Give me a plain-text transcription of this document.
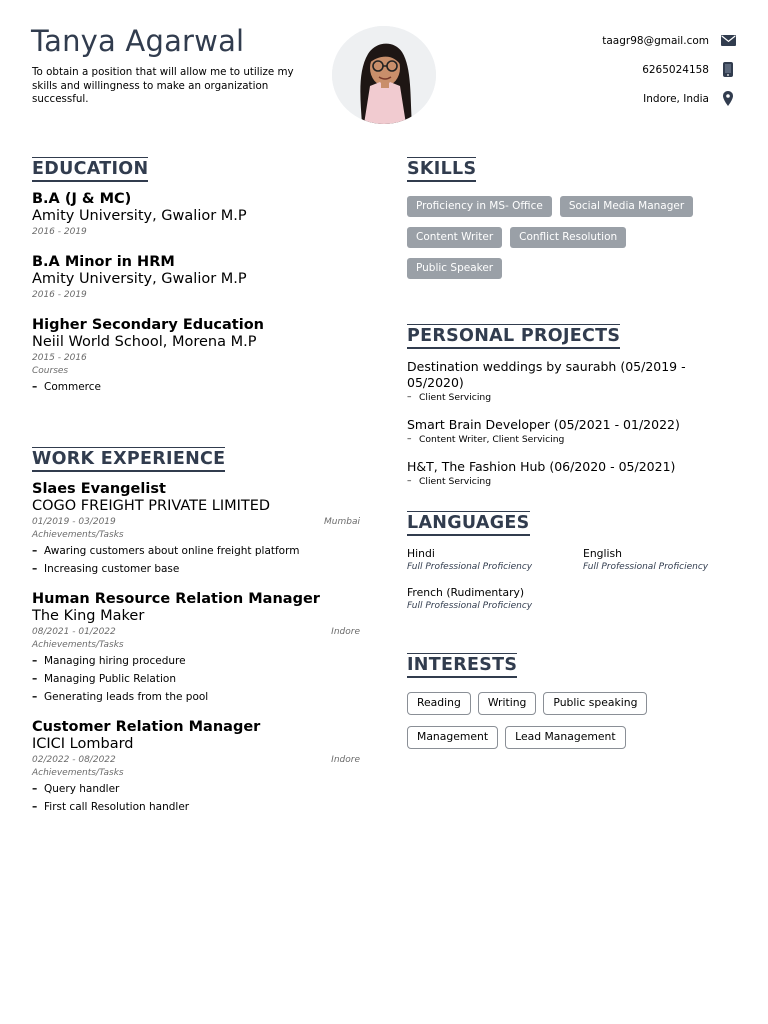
Tanya Agarwal
To obtain a position that will allow me to utilize my skills and willingness to make an organization successful.
taagr98@gmail.com
6265024158
Indore, India
EDUCATION
B.A (J & MC)
Amity University, Gwalior M.P
2016 - 2019
B.A Minor in HRM
Amity University, Gwalior M.P
2016 - 2019
Higher Secondary Education
Neiil World School, Morena M.P
2015 - 2016
Courses
– Commerce
WORK EXPERIENCE
Slaes Evangelist
COGO FREIGHT PRIVATE LIMITED
01/2019 - 03/2019	Mumbai
Achievements/Tasks
– Awaring customers about online freight platform
– Increasing customer base
Human Resource Relation Manager
The King Maker
08/2021 - 01/2022	Indore
Achievements/Tasks
– Managing hiring procedure
– Managing Public Relation
– Generating leads from the pool
Customer Relation Manager
ICICI Lombard
02/2022 - 08/2022	Indore
Achievements/Tasks
– Query handler
– First call Resolution handler
SKILLS
Proficiency in MS- Office	Social Media Manager
Content Writer	Conflict Resolution
Public Speaker
PERSONAL PROJECTS
Destination weddings by saurabh (05/2019 - 05/2020)
– Client Servicing
Smart Brain Developer (05/2021 - 01/2022)
– Content Writer, Client Servicing
H&T, The Fashion Hub (06/2020 - 05/2021)
– Client Servicing
LANGUAGES
Hindi
Full Professional Proficiency
English
Full Professional Proficiency
French (Rudimentary)
Full Professional Proficiency
INTERESTS
Reading	Writing	Public speaking
Management	Lead Management
